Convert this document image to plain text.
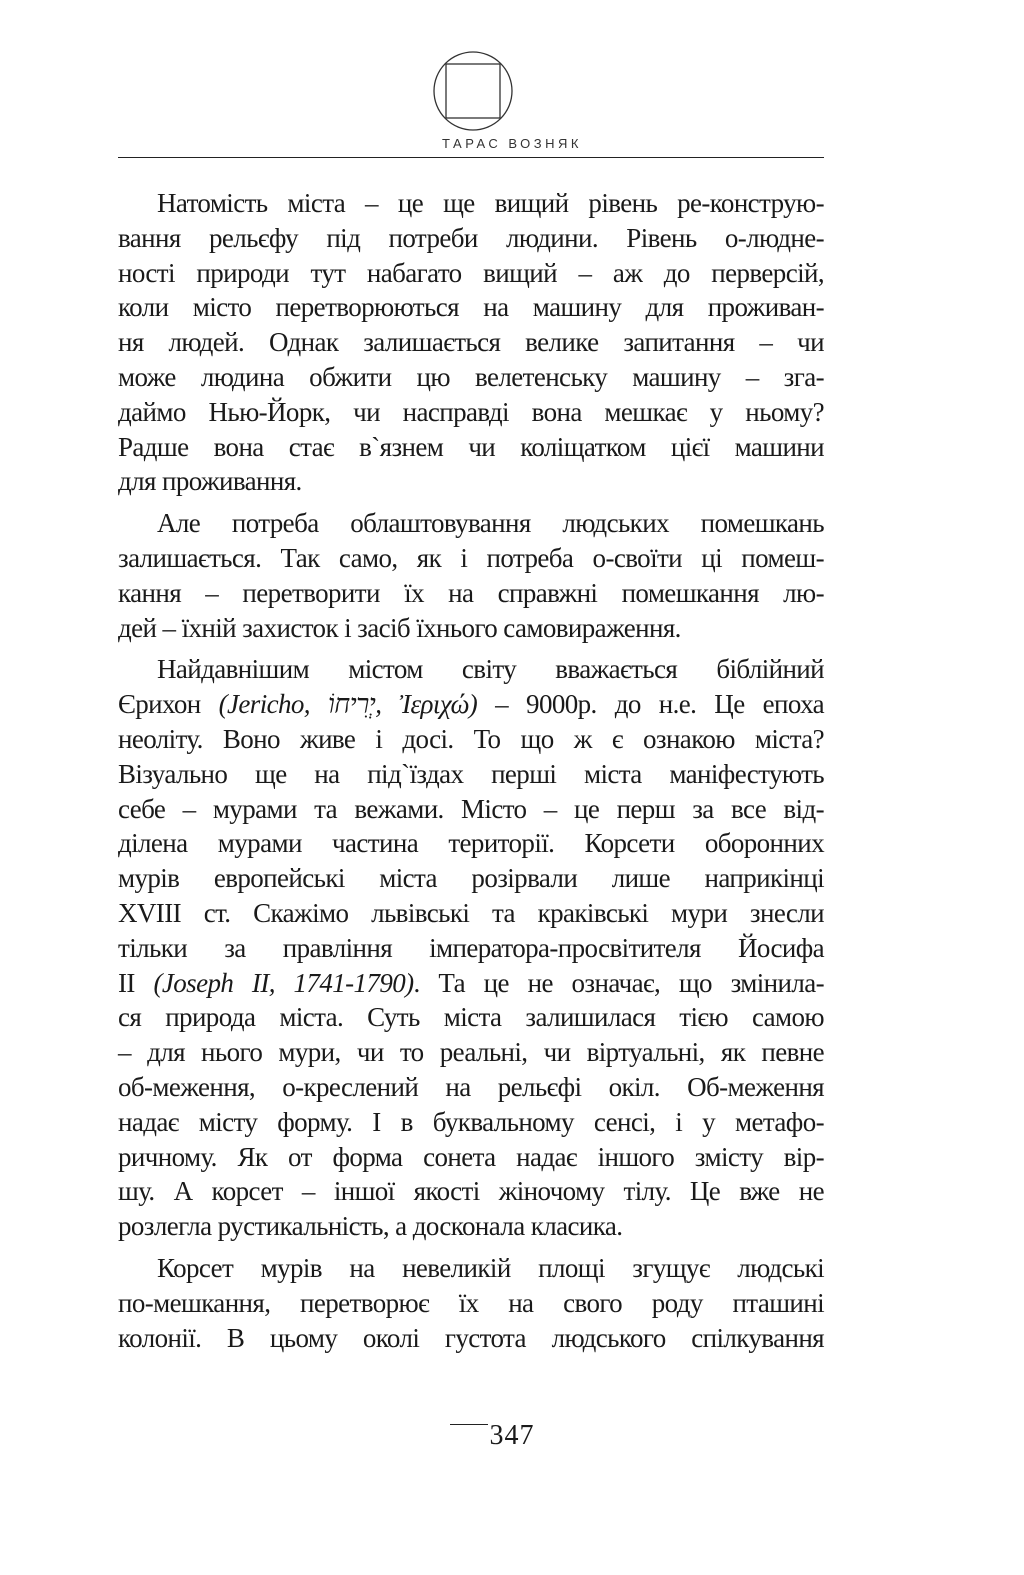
ТАРАС ВОЗНЯК

Натомість міста – це ще вищий рівень ре-конструю-
вання рельєфу під потреби людини. Рівень о-людне-
ності природи тут набагато вищий – аж до перверсій,
коли місто перетворюються на машину для проживан-
ня людей. Однак залишається велике запитання – чи
може людина обжити цю велетенську машину – зга-
даймо Нью-Йорк, чи насправді вона мешкає у ньому?
Радше вона стає в`язнем чи коліщатком цієї машини
для проживання.

Але потреба облаштовування людських помешкань
залишається. Так само, як і потреба о-своїти ці помеш-
кання – перетворити їх на справжні помешкання лю-
дей – їхній захисток і засіб їхнього самовираження.

Найдавнішим містом світу вважається біблійний
Єрихон (Jericho, יְרִיחוֹ, Ἰεριχώ) – 9000р. до н.е. Це епоха
неоліту. Воно живе і досі. То що ж є ознакою міста?
Візуально ще на під`їздах перші міста маніфестують
себе – мурами та вежами. Місто – це перш за все від-
ділена мурами частина території. Корсети оборонних
мурів европейські міста розірвали лише наприкінці
XVIII ст. Скажімо львівські та краківські мури знесли
тільки за правління імператора-просвітителя Йосифа
II (Joseph II, 1741-1790). Та це не означає, що змінила-
ся природа міста. Суть міста залишилася тією самою
– для нього мури, чи то реальні, чи віртуальні, як певне
об-меження, о-креслений на рельєфі окіл. Об-меження
надає місту форму. І в буквальному сенсі, і у метафо-
ричному. Як от форма сонета надає іншого змісту вір-
шу. А корсет – іншої якості жіночому тілу. Це вже не
розлегла рустикальність, а досконала класика.

Корсет мурів на невеликій площі згущує людські
по-мешкання, перетворює їх на свого роду пташині
колонії. В цьому околі густота людського спілкування

347
